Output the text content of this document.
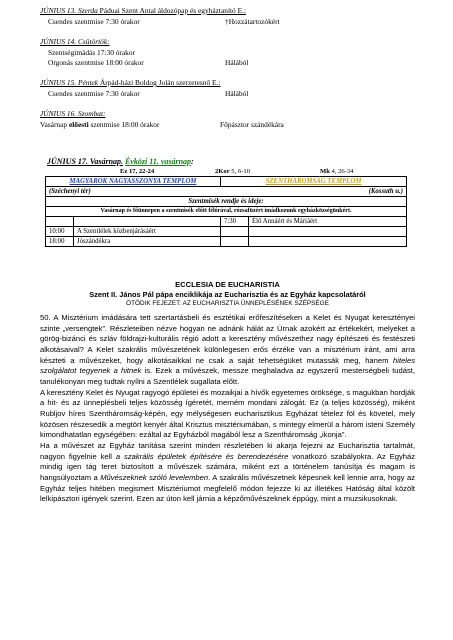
JÚNIUS 13. Szerda Páduai Szent Antal áldozópap és egyháztanító E.:
Csendes szentmise 7:30 órakor	†Hozzátartozókért
JÚNIUS 14. Csütörtök:
Szentségimádás 17:30 órakor
Orgonás szentmise 18:00 órakor	Hálából
JÚNIUS 15. Péntek Árpád-házi Boldog Jolán szerzetesnő E.:
Csendes szentmise 7:30 órakor	Hálából
JÚNIUS 16. Szombat:
Vasárnap előesti szentmise 18:00 órakor	Főpásztor szándékára
JÚNIUS 17. Vasárnap. Évközi 11. vasárnap:
Ez 17, 22-24	2Kor 5, 6-10	Mk 4, 26-34
MAGYAROK NAGYASSZONYA TEMPLOM		SZENTHÁROMSÁG TEMPLOM	
(Széchenyi tér) (Kossuth u.)			

Szentmisék rendje és ideje:			
Vasárnap és főünnepen a szentmisék előtt félórával, rózsafüzért imádkozunk egyházközségünkért.			
		7:30	Élő Annáért és Máriáért
10:00	A Szentlélek közbenjárásáért		
18:00	Jószándékra		
ECCLESIA DE EUCHARISTIA
Szent II. János Pál pápa enciklikája az Eucharisztia és az Egyház kapcsolatáról
ÖTÖDIK FEJEZET: AZ EUCHARISZTIA ÜNNEPLÉSÉNEK SZÉPSÉGE

50. A Misztérium imádására tett szertartásbeli és esztétikai erőfeszítéseken a Kelet és Nyugat keresztényei szinte „versengtek”. Részleteiben nézve hogyan ne adnánk hálát az Úrnak azokért az értékekért, melyeket a görög-bizánci és szláv földrajzi-kulturális régió adott a keresztény művészethez nagy építészeti és festészeti alkotásaival? A Kelet szakrális művészetének különlegesen erős érzéke van a misztérium iránt, ami arra készteti a művészeket, hogy alkotásaikkal ne csak a saját tehetségüket mutassák meg, hanem hiteles szolgálatot tegyenek a hitnek is. Ezek a művészek, messze meghaladva az egyszerű mesterségbeli tudást, tanulékonyan meg tudtak nyílni a Szentlélek sugallata előtt.

A keresztény Kelet és Nyugat ragyogó épületei és mozaikjai a hívők egyetemes öröksége, s magukban hordják a hit- és az ünneplésbeli teljes közösség ígéretét, merném mondani zálogát. Ez (a teljes közösség), miként Rubljov híres Szentháromság-képén, egy mélységesen eucharisztikus Egyházat tételez föl és követel, mely közösen részesedik a megtört kenyér által Krisztus misztériumában, s mintegy elmerül a három isteni Személy kimondhatatlan egységében: ezáltal az Egyházból magából lesz a Szentháromság „ikonja”.

Ha a művészet az Egyház tanítása szerint minden részletében ki akarja fejezni az Eucharisztia tartalmát, nagyon figyelnie kell a szakrális épületek építésére és berendezésére vonatkozó szabályokra. Az Egyház mindig igen tág teret biztosított a művészek számára, miként ezt a történelem tanúsítja és magam is hangsúlyoztam a Művészeknek szóló levelemben. A szakrális művészetnek képesnek kell lennie arra, hogy az Egyház teljes hitében megismert Misztériumot megfelelő módon fejezze ki az illetékes Hatóság által közölt lelkipásztori igények szerint. Ezen az úton kell járnia a képzőművészeknek éppúgy, mint a muzsikusoknak.
